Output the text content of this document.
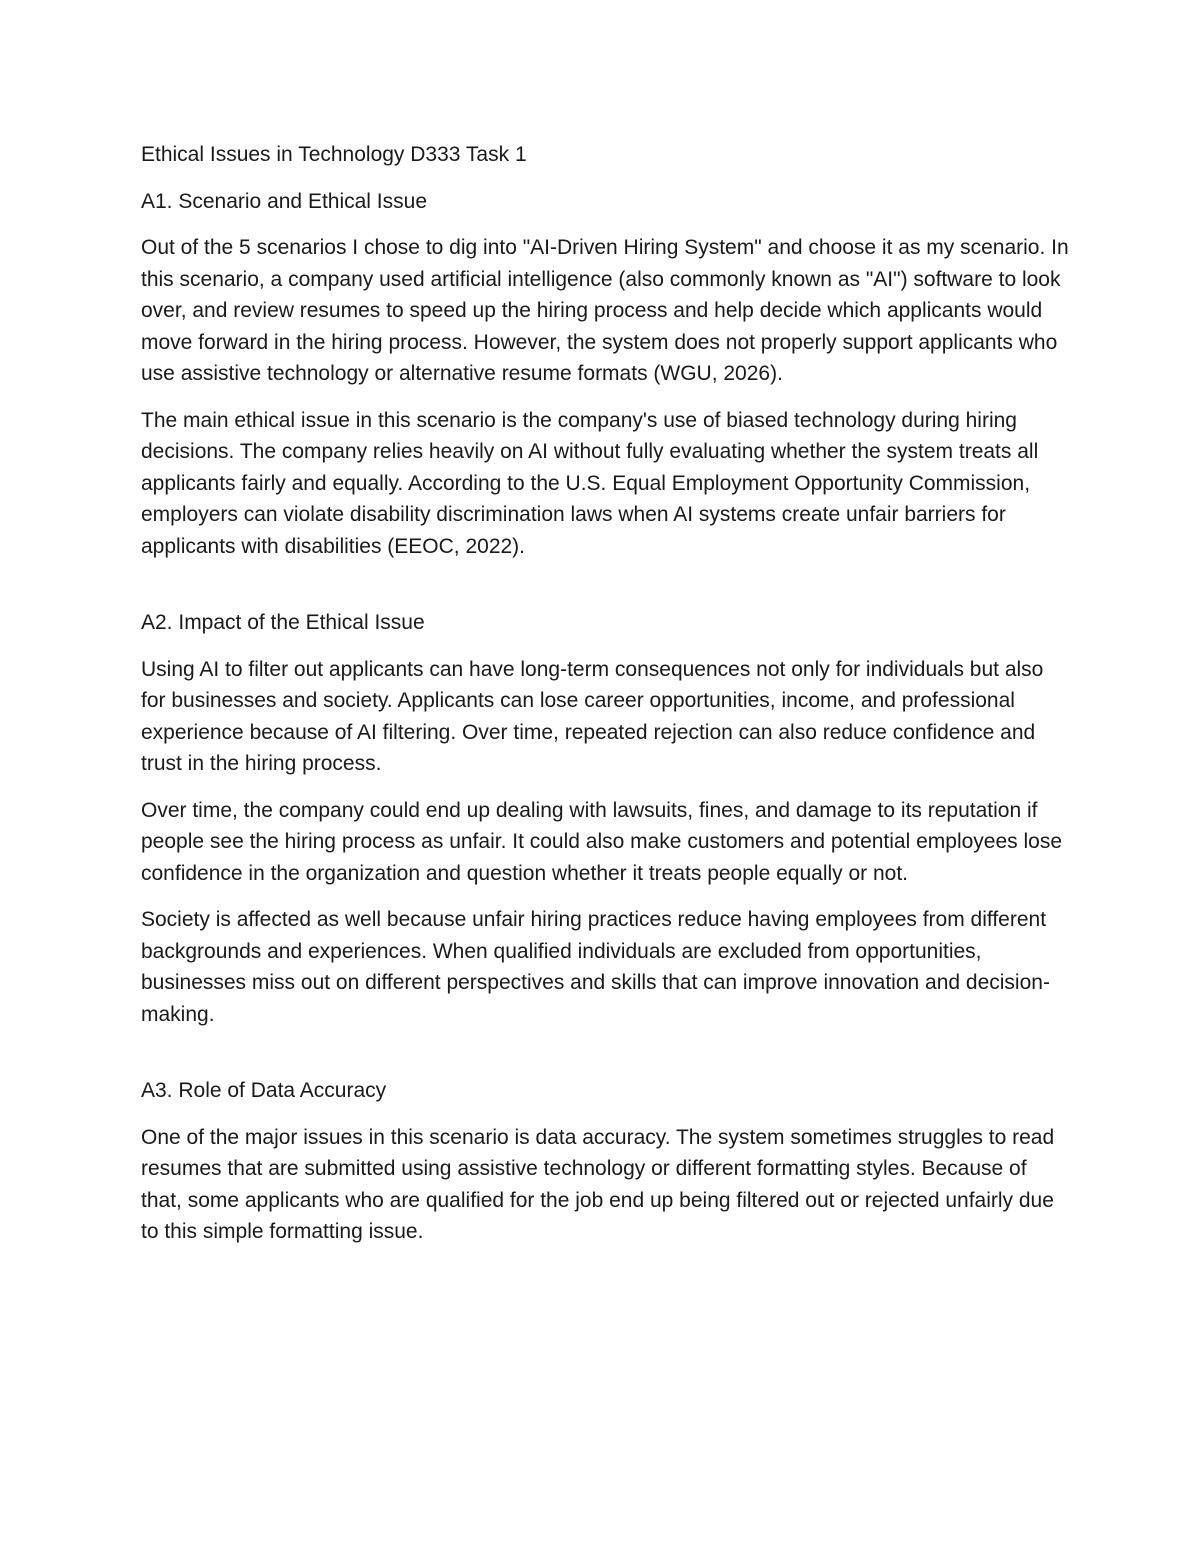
Ethical Issues in Technology D333 Task 1

A1. Scenario and Ethical Issue

Out of the 5 scenarios I chose to dig into "AI-Driven Hiring System" and choose it as my scenario. In this scenario, a company used artificial intelligence (also commonly known as "AI") software to look over, and review resumes to speed up the hiring process and help decide which applicants would move forward in the hiring process. However, the system does not properly support applicants who use assistive technology or alternative resume formats (WGU, 2026).

The main ethical issue in this scenario is the company's use of biased technology during hiring decisions. The company relies heavily on AI without fully evaluating whether the system treats all applicants fairly and equally. According to the U.S. Equal Employment Opportunity Commission, employers can violate disability discrimination laws when AI systems create unfair barriers for applicants with disabilities (EEOC, 2022).

A2. Impact of the Ethical Issue

Using AI to filter out applicants can have long-term consequences not only for individuals but also for businesses and society. Applicants can lose career opportunities, income, and professional experience because of AI filtering. Over time, repeated rejection can also reduce confidence and trust in the hiring process.

Over time, the company could end up dealing with lawsuits, fines, and damage to its reputation if people see the hiring process as unfair. It could also make customers and potential employees lose confidence in the organization and question whether it treats people equally or not.

Society is affected as well because unfair hiring practices reduce having employees from different backgrounds and experiences. When qualified individuals are excluded from opportunities, businesses miss out on different perspectives and skills that can improve innovation and decision-making.

A3. Role of Data Accuracy

One of the major issues in this scenario is data accuracy. The system sometimes struggles to read resumes that are submitted using assistive technology or different formatting styles. Because of that, some applicants who are qualified for the job end up being filtered out or rejected unfairly due to this simple formatting issue.
